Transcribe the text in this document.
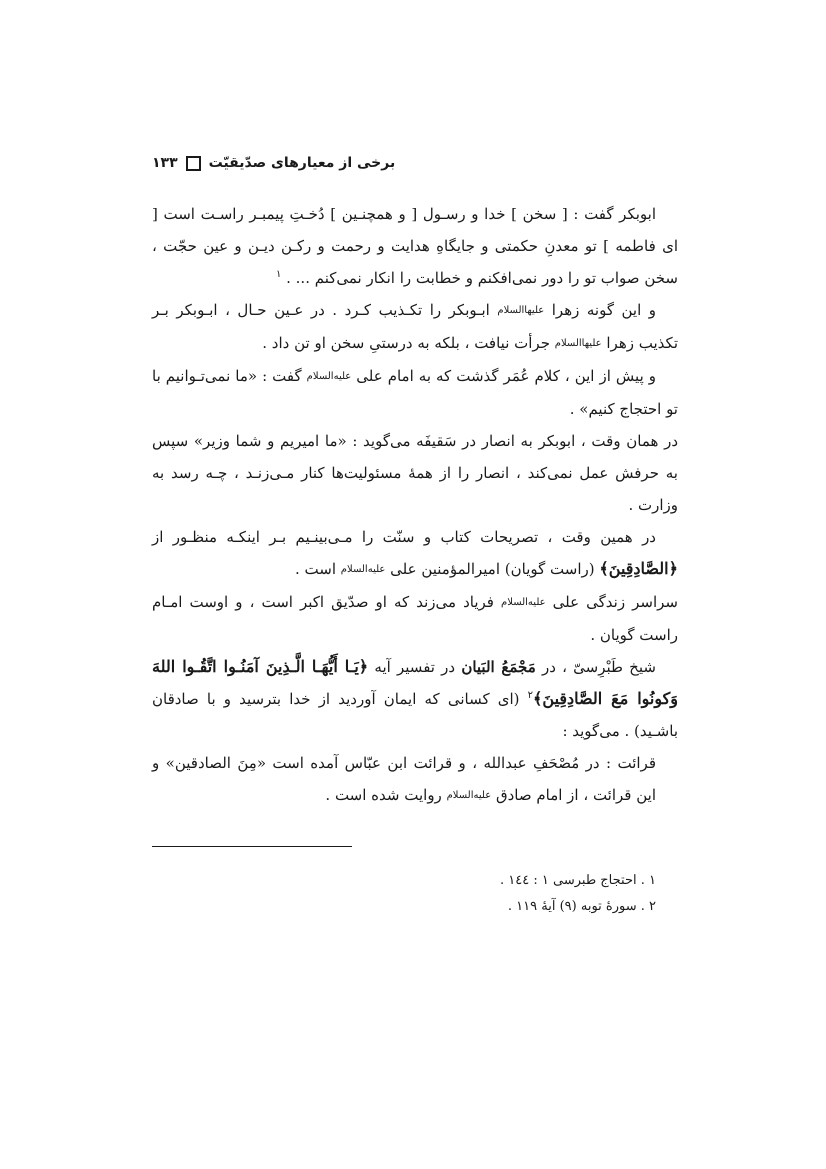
برخی از معیارهای صدّیقیّت
۱۳۳

ابوبکر گفت : [ سخن ] خدا و رسـول [ و همچنـین ] دُخـتِ پیمبـر راسـت است [ ای فاطمه ] تو معدنِ حکمتی و جایگاهِ هدایت و رحمت و رکـن دیـن و عین حجّت ، سخن صواب تو را دور نمی‌افکنم و خطابت را انکار نمی‌کنم ... . $^۱$

و این گونه زهرا علیهاالسلام ابـوبکر را تکـذیب کـرد . در عـین حـال ، ابـوبکر بـر تکذیب زهرا علیهاالسلام جرأت نیافت ، بلکه به درستیِ سخن او تن داد .

و پیش از این ، کلام عُمَر گذشت که به امام علی علیه‌السلام گفت : «ما نمی‌تـوانیم با تو احتجاج کنیم» .

در همان وقت ، ابوبکر به انصار در سَقیفَه می‌گوید : «ما امیریم و شما وزیر» سپس به حرفش عمل نمی‌کند ، انصار را از همهٔ مسئولیت‌ها کنار مـی‌زنـد ، چـه رسد به وزارت .

در همین وقت ، تصریحات کتاب و سنّت را مـی‌بینـیم بـر اینکـه منظـور از ﴿الصَّادِقِینَ﴾ (راست گویان) امیرالمؤمنین علی علیه‌السلام است .

سراسر زندگی علی علیه‌السلام فریاد می‌زند که او صدّیق اکبر است ، و اوست امـام راست گویان .

شیخ طَبْرِسیّ ، در مَجْمَعُ البَیان در تفسیر آیه ﴿یَـا أَیُّهَـا الَّـذِینَ آمَنُـوا اتَّقُـوا اللهَ وَکونُوا مَعَ الصَّادِقِینَ﴾$^۲$ (ای کسانی که ایمان آوردید از خدا بترسید و با صادقان باشـید) . می‌گوید :

قرائت : در مُصْحَفِ عبدالله ، و قرائت ابن عبّاس آمده است «مِنَ الصادقین» و این قرائت ، از امام صادق علیه‌السلام روایت شده است .

۱ . احتجاج طبرسی ۱ : ۱٤٤ .
۲ . سورهٔ توبه (۹) آیهٔ ۱۱۹ .
